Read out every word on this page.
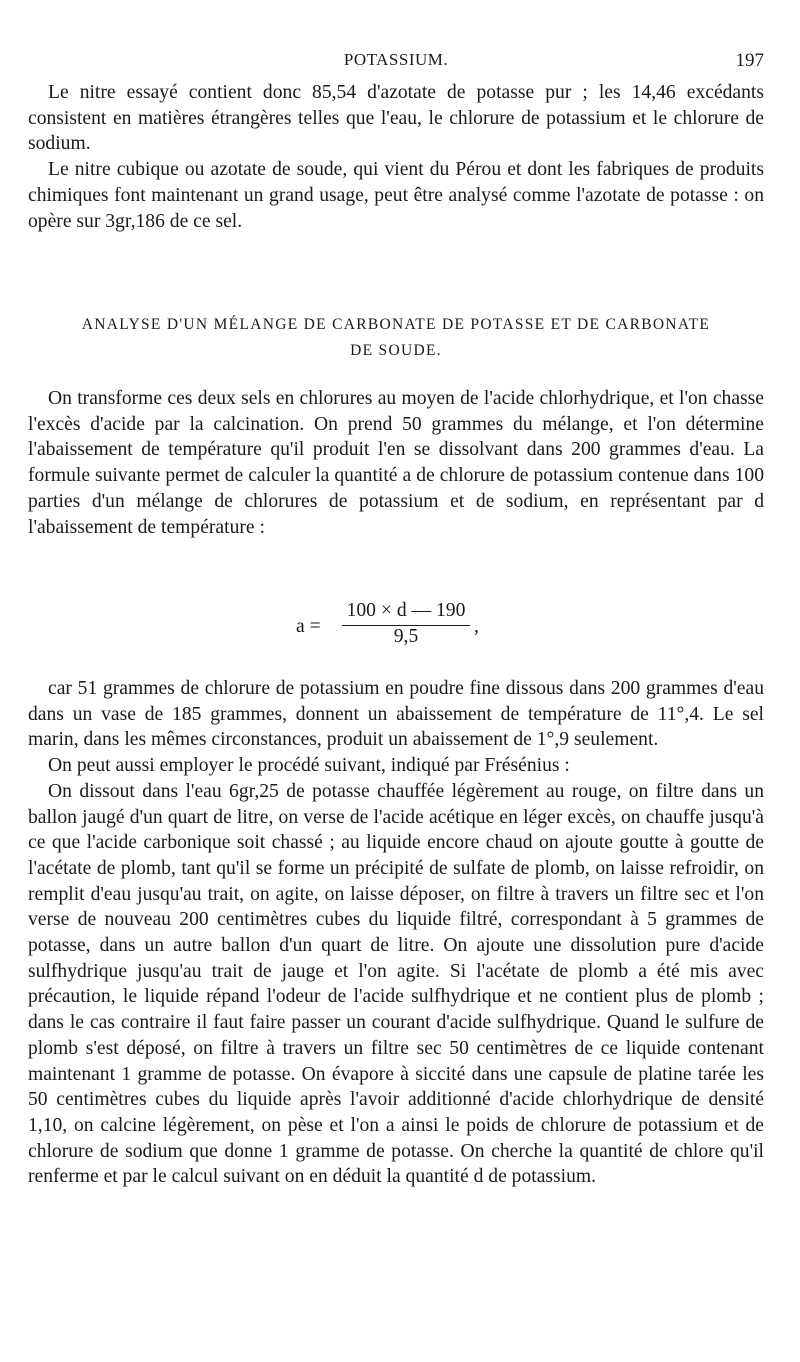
POTASSIUM.	197

Le nitre essayé contient donc 85,54 d'azotate de potasse pur ; les 14,46 excédants consistent en matières étrangères telles que l'eau, le chlorure de potassium et le chlorure de sodium.

Le nitre cubique ou azotate de soude, qui vient du Pérou et dont les fabriques de produits chimiques font maintenant un grand usage, peut être analysé comme l'azotate de potasse : on opère sur 3gr,186 de ce sel.

ANALYSE D'UN MÉLANGE DE CARBONATE DE POTASSE ET DE CARBONATE
DE SOUDE.

On transforme ces deux sels en chlorures au moyen de l'acide chlorhydrique, et l'on chasse l'excès d'acide par la calcination. On prend 50 grammes du mélange, et l'on détermine l'abaissement de température qu'il produit l'en se dissolvant dans 200 grammes d'eau. La formule suivante permet de calculer la quantité a de chlorure de potassium contenue dans 100 parties d'un mélange de chlorures de potassium et de sodium, en représentant par d l'abaissement de température :

a =
100 × d — 190
9,5	,

car 51 grammes de chlorure de potassium en poudre fine dissous dans 200 grammes d'eau dans un vase de 185 grammes, donnent un abaissement de température de 11°,4. Le sel marin, dans les mêmes circonstances, produit un abaissement de 1°,9 seulement.

On peut aussi employer le procédé suivant, indiqué par Frésénius :

On dissout dans l'eau 6gr,25 de potasse chauffée légèrement au rouge, on filtre dans un ballon jaugé d'un quart de litre, on verse de l'acide acétique en léger excès, on chauffe jusqu'à ce que l'acide carbonique soit chassé ; au liquide encore chaud on ajoute goutte à goutte de l'acétate de plomb, tant qu'il se forme un précipité de sulfate de plomb, on laisse refroidir, on remplit d'eau jusqu'au trait, on agite, on laisse déposer, on filtre à travers un filtre sec et l'on verse de nouveau 200 centimètres cubes du liquide filtré, correspondant à 5 grammes de potasse, dans un autre ballon d'un quart de litre. On ajoute une dissolution pure d'acide sulfhydrique jusqu'au trait de jauge et l'on agite. Si l'acétate de plomb a été mis avec précaution, le liquide répand l'odeur de l'acide sulfhydrique et ne contient plus de plomb ; dans le cas contraire il faut faire passer un courant d'acide sulfhydrique. Quand le sulfure de plomb s'est déposé, on filtre à travers un filtre sec 50 centimètres de ce liquide contenant maintenant 1 gramme de potasse. On évapore à siccité dans une capsule de platine tarée les 50 centimètres cubes du liquide après l'avoir additionné d'acide chlorhydrique de densité 1,10, on calcine légèrement, on pèse et l'on a ainsi le poids de chlorure de potassium et de chlorure de sodium que donne 1 gramme de potasse. On cherche la quantité de chlore qu'il renferme et par le calcul suivant on en déduit la quantité d de potassium.
